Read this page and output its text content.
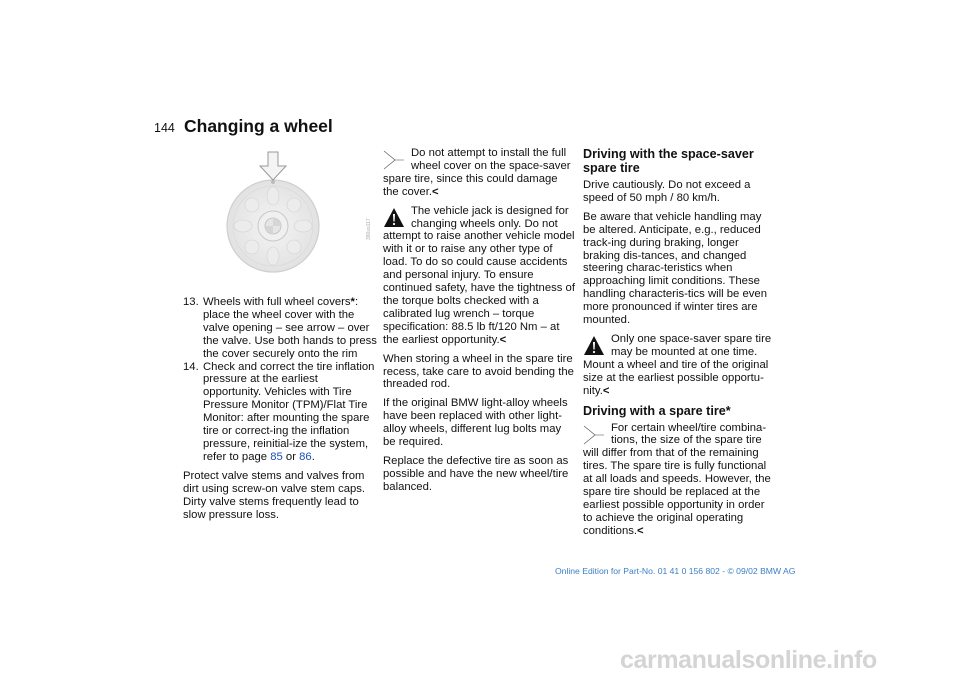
144 Changing a wheel
390us117
13. Wheels with full wheel covers*: place the wheel cover with the valve opening – see arrow – over the valve. Use both hands to press the cover securely onto the rim
14. Check and correct the tire inflation pressure at the earliest opportunity. Vehicles with Tire Pressure Monitor (TPM)/Flat Tire Monitor: after mounting the spare tire or correct-ing the inflation pressure, reinitial-ize the system, refer to page 85 or 86.

Protect valve stems and valves from dirt using screw-on valve stem caps. Dirty valve stems frequently lead to slow pressure loss.

Do not attempt to install the full wheel cover on the space-saver spare tire, since this could damage the cover.<
The vehicle jack is designed for changing wheels only. Do not attempt to raise another vehicle model with it or to raise any other type of load. To do so could cause accidents and personal injury. To ensure continued safety, have the tightness of the torque bolts checked with a calibrated lug wrench – torque specification: 88.5 lb ft/120 Nm – at the earliest opportunity.<

When storing a wheel in the spare tire recess, take care to avoid bending the threaded rod.

If the original BMW light-alloy wheels have been replaced with other light-alloy wheels, different lug bolts may be required.

Replace the defective tire as soon as possible and have the new wheel/tire balanced.

Driving with the space-saver spare tire

Drive cautiously. Do not exceed a speed of 50 mph / 80 km/h.

Be aware that vehicle handling may be altered. Anticipate, e.g., reduced track-ing during braking, longer braking dis-tances, and changed steering charac-teristics when approaching limit conditions. These handling characteris-tics will be even more pronounced if winter tires are mounted.

Only one space-saver spare tire may be mounted at one time. Mount a wheel and tire of the original size at the earliest possible opportu-nity.<
Driving with a spare tire*
For certain wheel/tire combina-tions, the size of the spare tire will differ from that of the remaining tires. The spare tire is fully functional at all loads and speeds. However, the spare tire should be replaced at the earliest possible opportunity in order to achieve the original operating conditions.<
Online Edition for Part-No. 01 41 0 156 802 - © 09/02 BMW AG
carmanualsonline.info
